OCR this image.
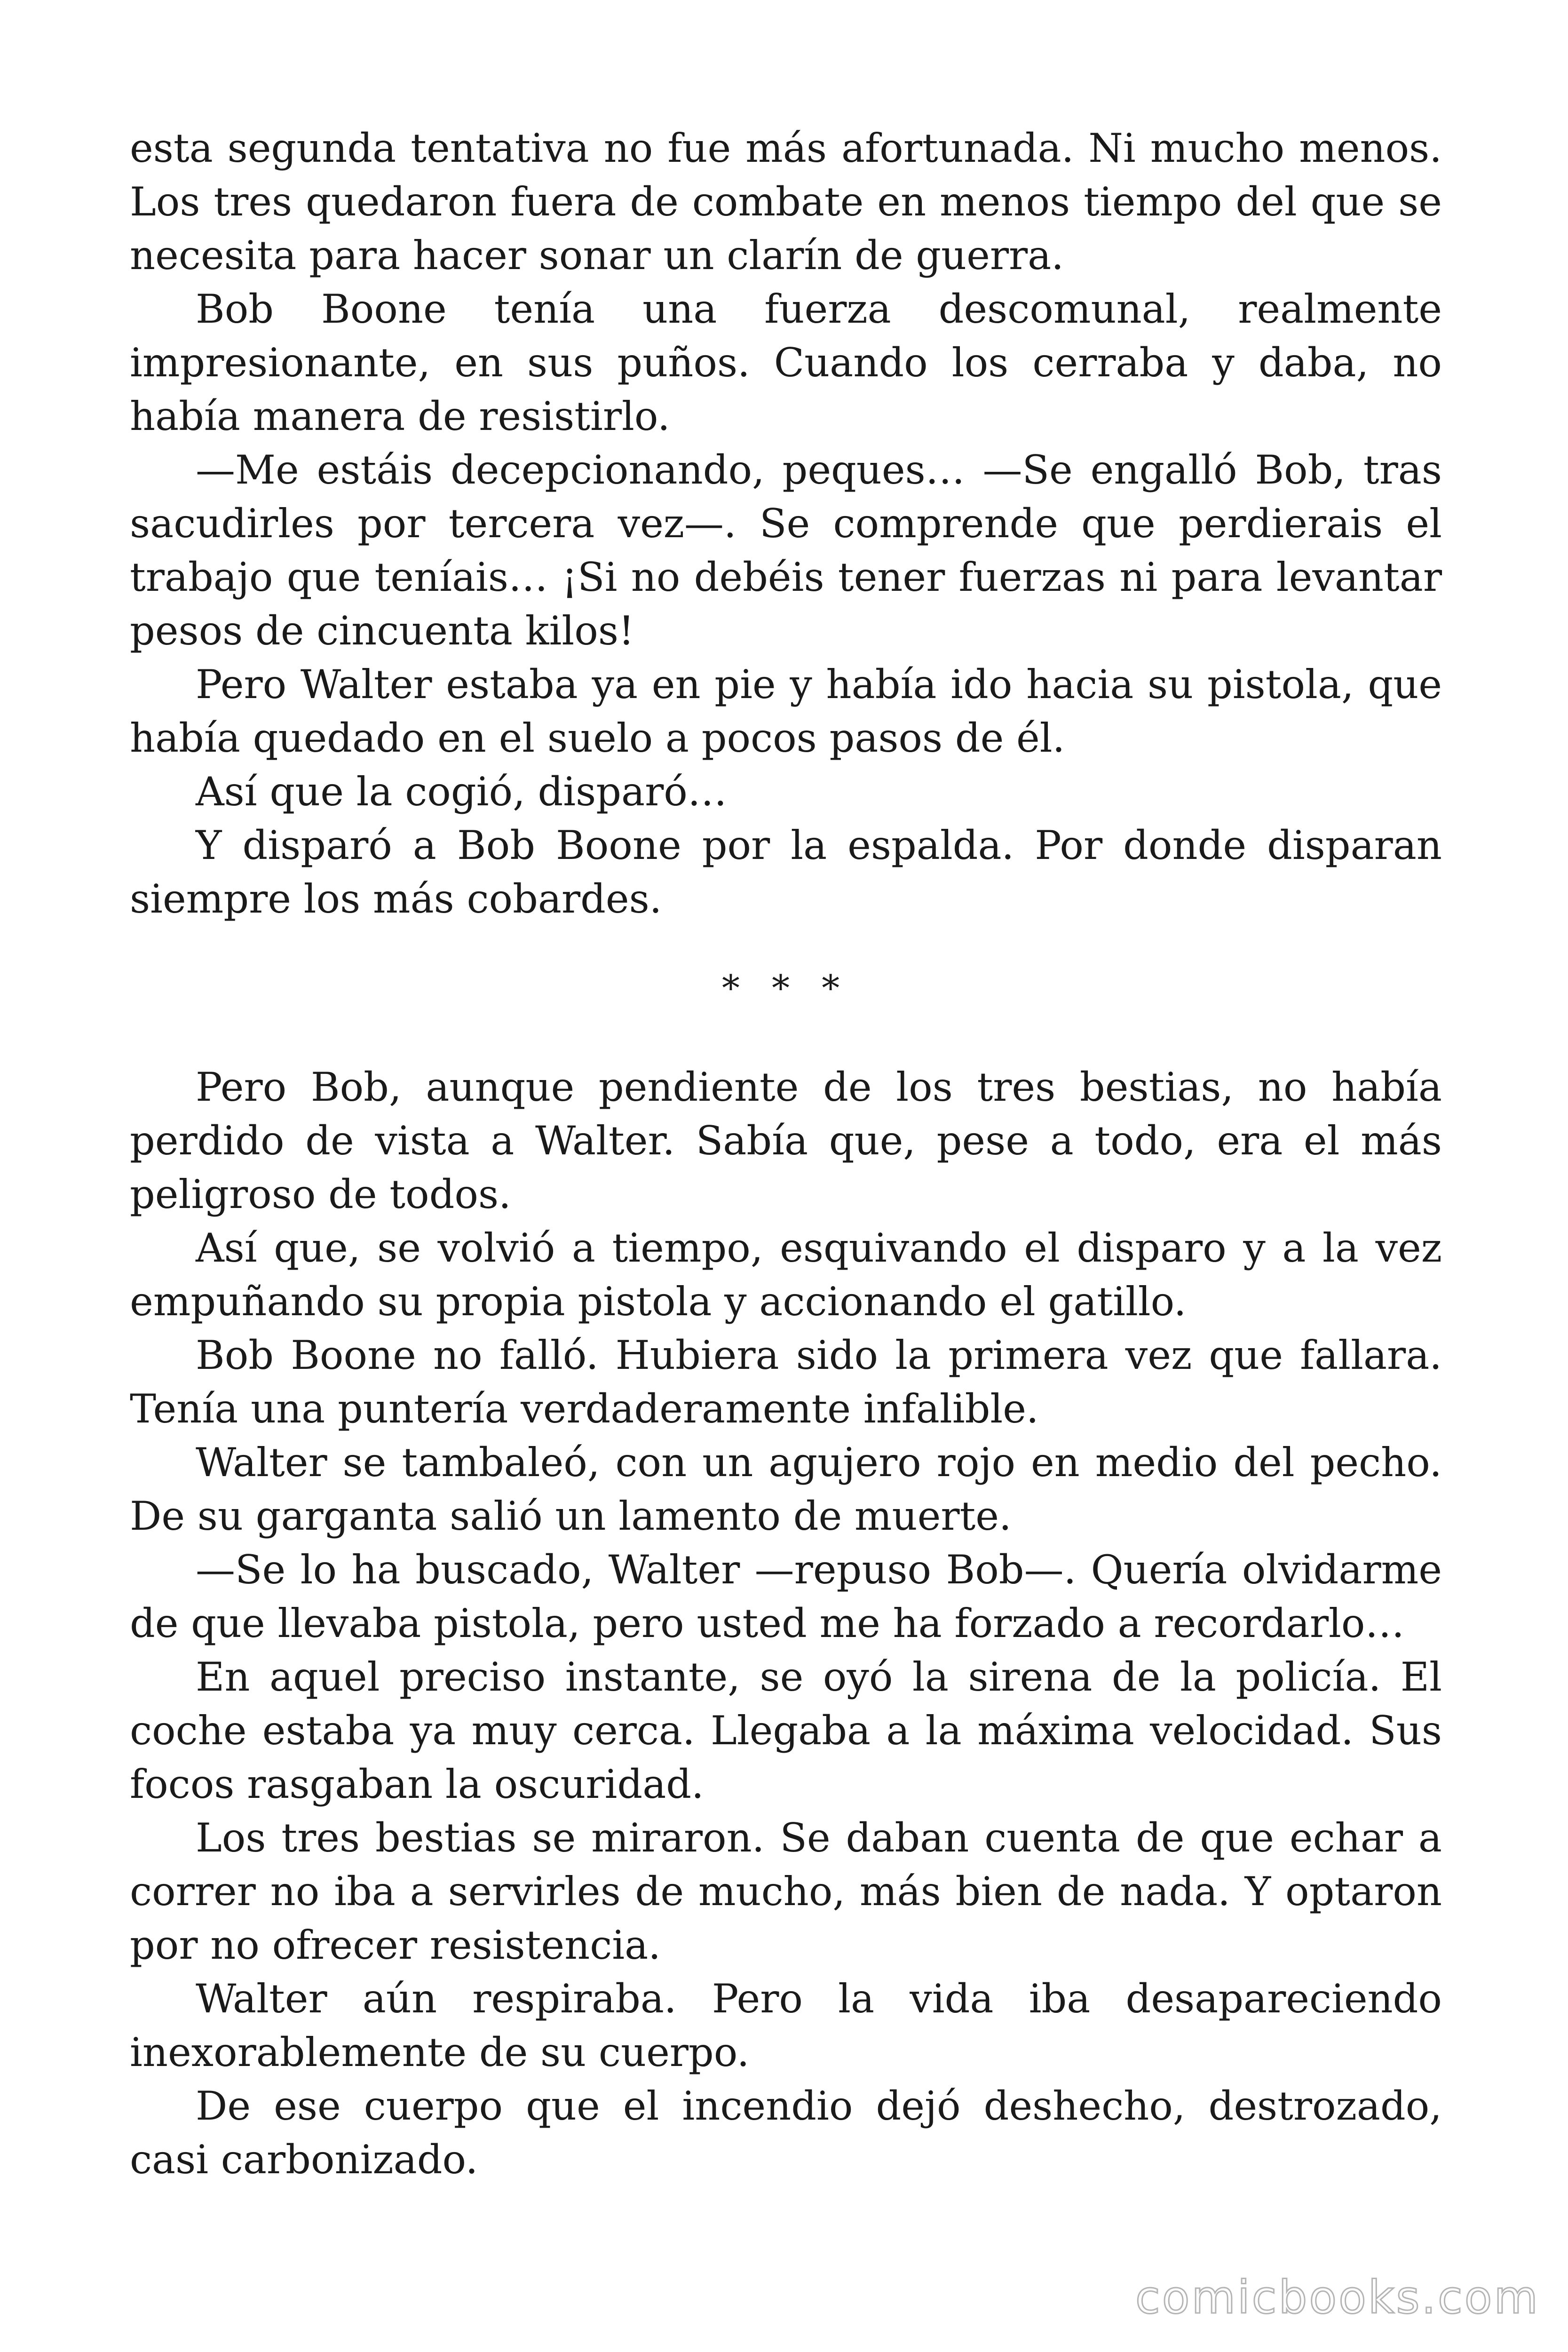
esta segunda tentativa no fue más afortunada. Ni mucho menos. Los tres quedaron fuera de combate en menos tiempo del que se necesita para hacer sonar un clarín de guerra.

Bob Boone tenía una fuerza descomunal, realmente impresionante, en sus puños. Cuando los cerraba y daba, no había manera de resistirlo.

—Me estáis decepcionando, peques… —Se engalló Bob, tras sacudirles por tercera vez—. Se comprende que perdierais el trabajo que teníais… ¡Si no debéis tener fuerzas ni para levantar pesos de cincuenta kilos!

Pero Walter estaba ya en pie y había ido hacia su pistola, que había quedado en el suelo a pocos pasos de él.

Así que la cogió, disparó…

Y disparó a Bob Boone por la espalda. Por donde disparan siempre los más cobardes.

* * *

Pero Bob, aunque pendiente de los tres bestias, no había perdido de vista a Walter. Sabía que, pese a todo, era el más peligroso de todos.

Así que, se volvió a tiempo, esquivando el disparo y a la vez empuñando su propia pistola y accionando el gatillo.

Bob Boone no falló. Hubiera sido la primera vez que fallara. Tenía una puntería verdaderamente infalible.

Walter se tambaleó, con un agujero rojo en medio del pecho. De su garganta salió un lamento de muerte.

—Se lo ha buscado, Walter —repuso Bob—. Quería olvidarme de que llevaba pistola, pero usted me ha forzado a recordarlo…

En aquel preciso instante, se oyó la sirena de la policía. El coche estaba ya muy cerca. Llegaba a la máxima velocidad. Sus focos rasgaban la oscuridad.

Los tres bestias se miraron. Se daban cuenta de que echar a correr no iba a servirles de mucho, más bien de nada. Y optaron por no ofrecer resistencia.

Walter aún respiraba. Pero la vida iba desapareciendo inexorablemente de su cuerpo.

De ese cuerpo que el incendio dejó deshecho, destrozado, casi carbonizado.

comicbooks.com
